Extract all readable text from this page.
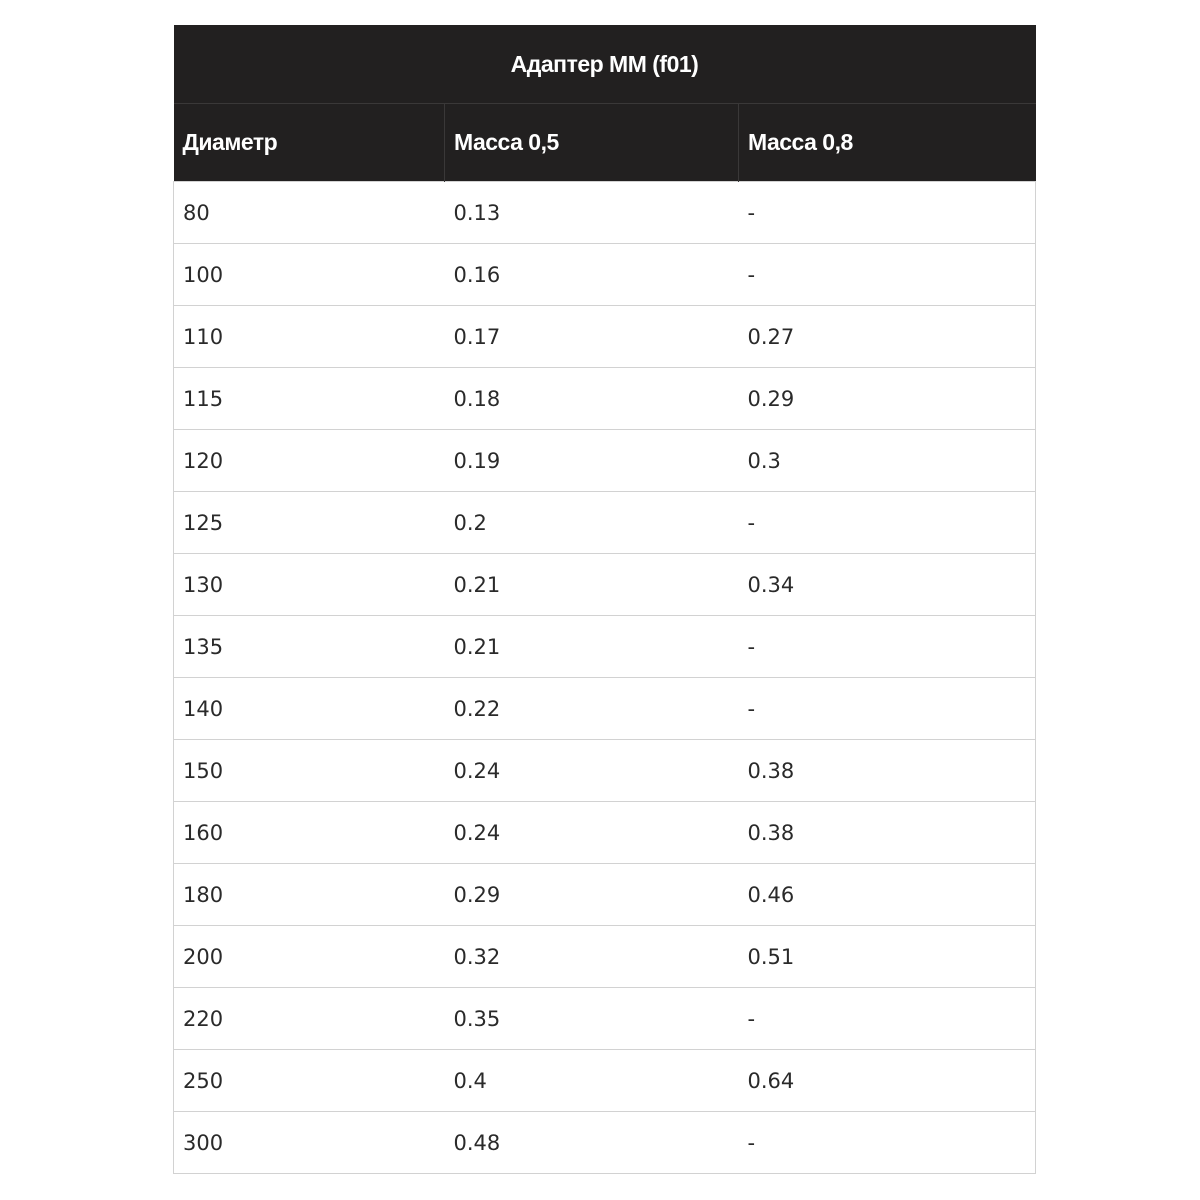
Адаптер ММ (f01)		
Диаметр	Масса 0,5	Масса 0,8
80	0.13	-
100	0.16	-
110	0.17	0.27
115	0.18	0.29
120	0.19	0.3
125	0.2	-
130	0.21	0.34
135	0.21	-
140	0.22	-
150	0.24	0.38
160	0.24	0.38
180	0.29	0.46
200	0.32	0.51
220	0.35	-
250	0.4	0.64
300	0.48	-
